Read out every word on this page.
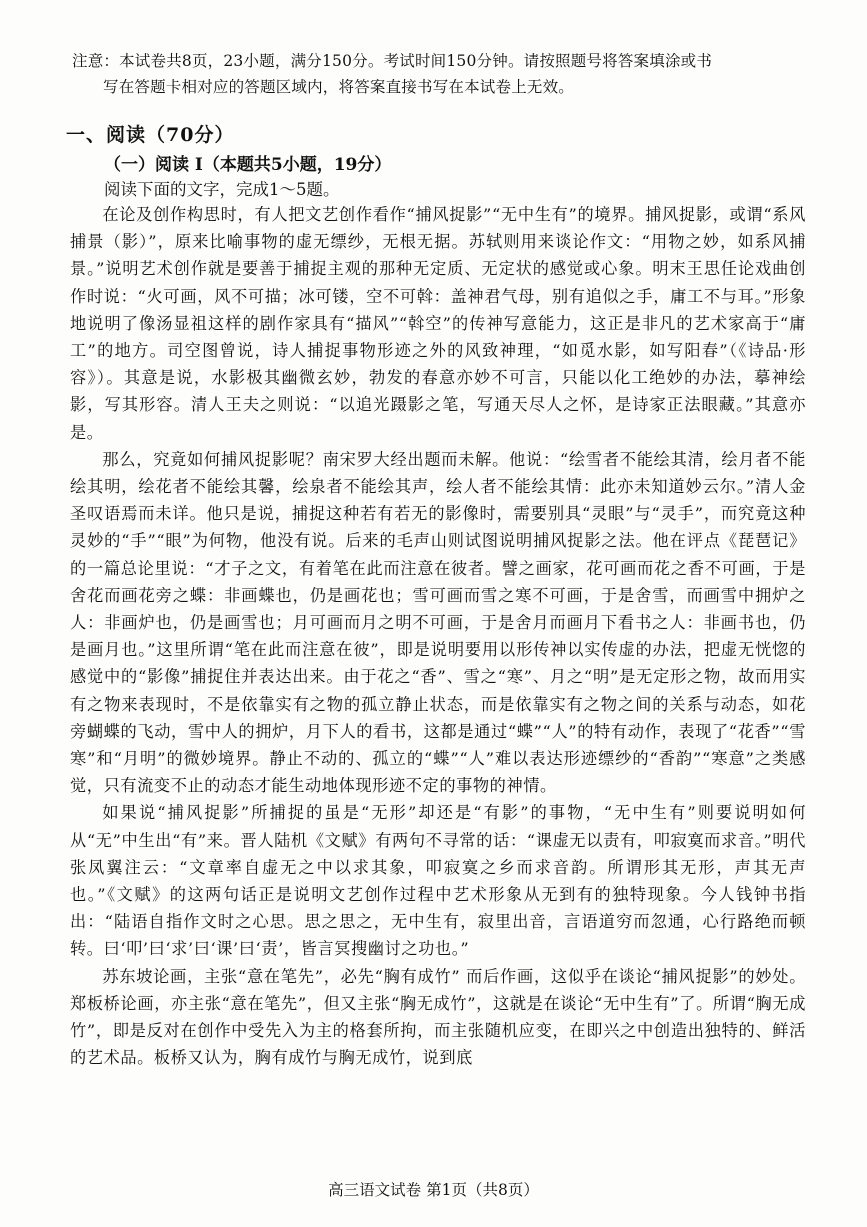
注意：本试卷共8页，23小题，满分150分。考试时间150分钟。请按照题号将答案填涂或书
写在答题卡相对应的答题区域内，将答案直接书写在本试卷上无效。
一、阅读（70分）
（一）阅读 I（本题共5小题，19分）
阅读下面的文字，完成1～5题。

在论及创作构思时，有人把文艺创作看作“捕风捉影”“无中生有”的境界。捕风捉影，或谓“系风捕景（影）”，原来比喻事物的虚无缥纱，无根无据。苏轼则用来谈论作文：“用物之妙，如系风捕景。”说明艺术创作就是要善于捕捉主观的那种无定质、无定状的感觉或心象。明末王思任论戏曲创作时说：“火可画，风不可描；冰可镂，空不可斡：盖神君气母，别有追似之手，庸工不与耳。”形象地说明了像汤显祖这样的剧作家具有“描风”“斡空”的传神写意能力，这正是非凡的艺术家高于“庸工”的地方。司空图曾说，诗人捕捉事物形迹之外的风致神理，“如觅水影，如写阳春”（《诗品·形容》）。其意是说，水影极其幽微玄妙，勃发的春意亦妙不可言，只能以化工绝妙的办法，摹神绘影，写其形容。清人王夫之则说：“以追光蹑影之笔，写通天尽人之怀，是诗家正法眼藏。”其意亦是。

那么，究竟如何捕风捉影呢？南宋罗大经出题而未解。他说：“绘雪者不能绘其清，绘月者不能绘其明，绘花者不能绘其馨，绘泉者不能绘其声，绘人者不能绘其情：此亦未知道妙云尔。”清人金圣叹语焉而未详。他只是说，捕捉这种若有若无的影像时，需要别具“灵眼”与“灵手”，而究竟这种灵妙的“手”“眼”为何物，他没有说。后来的毛声山则试图说明捕风捉影之法。他在评点《琵琶记》的一篇总论里说：“才子之文，有着笔在此而注意在彼者。譬之画家，花可画而花之香不可画，于是舍花而画花旁之蝶：非画蝶也，仍是画花也；雪可画而雪之寒不可画，于是舍雪，而画雪中拥炉之人：非画炉也，仍是画雪也；月可画而月之明不可画，于是舍月而画月下看书之人：非画书也，仍是画月也。”这里所谓“笔在此而注意在彼”，即是说明要用以形传神以实传虚的办法，把虚无恍惚的感觉中的“影像”捕捉住并表达出来。由于花之“香”、雪之“寒”、月之“明”是无定形之物，故而用实有之物来表现时，不是依靠实有之物的孤立静止状态，而是依靠实有之物之间的关系与动态，如花旁蝴蝶的飞动，雪中人的拥炉，月下人的看书，这都是通过“蝶”“人”的特有动作，表现了“花香”“雪寒”和“月明”的微妙境界。静止不动的、孤立的“蝶”“人”难以表达形迹缥纱的“香韵”“寒意”之类感觉，只有流变不止的动态才能生动地体现形迹不定的事物的神情。

如果说“捕风捉影”所捕捉的虽是“无形”却还是“有影”的事物，“无中生有”则要说明如何从“无”中生出“有”来。晋人陆机《文赋》有两句不寻常的话：“课虚无以责有，叩寂寞而求音。”明代张凤翼注云：“文章率自虚无之中以求其象，叩寂寞之乡而求音韵。所谓形其无形，声其无声也。”《文赋》的这两句话正是说明文艺创作过程中艺术形象从无到有的独特现象。今人钱钟书指出：“陆语自指作文时之心思。思之思之，无中生有，寂里出音，言语道穷而忽通，心行路绝而顿转。曰‘叩’曰‘求’曰‘课’曰‘责’，皆言冥搜幽讨之功也。”

苏东坡论画，主张“意在笔先”，必先“胸有成竹” 而后作画，这似乎在谈论“捕风捉影”的妙处。郑板桥论画，亦主张“意在笔先”，但又主张“胸无成竹”，这就是在谈论“无中生有”了。所谓“胸无成竹”，即是反对在创作中受先入为主的格套所拘，而主张随机应变，在即兴之中创造出独特的、鲜活的艺术品。板桥又认为，胸有成竹与胸无成竹，说到底

高三语文试卷 第1页（共8页）
